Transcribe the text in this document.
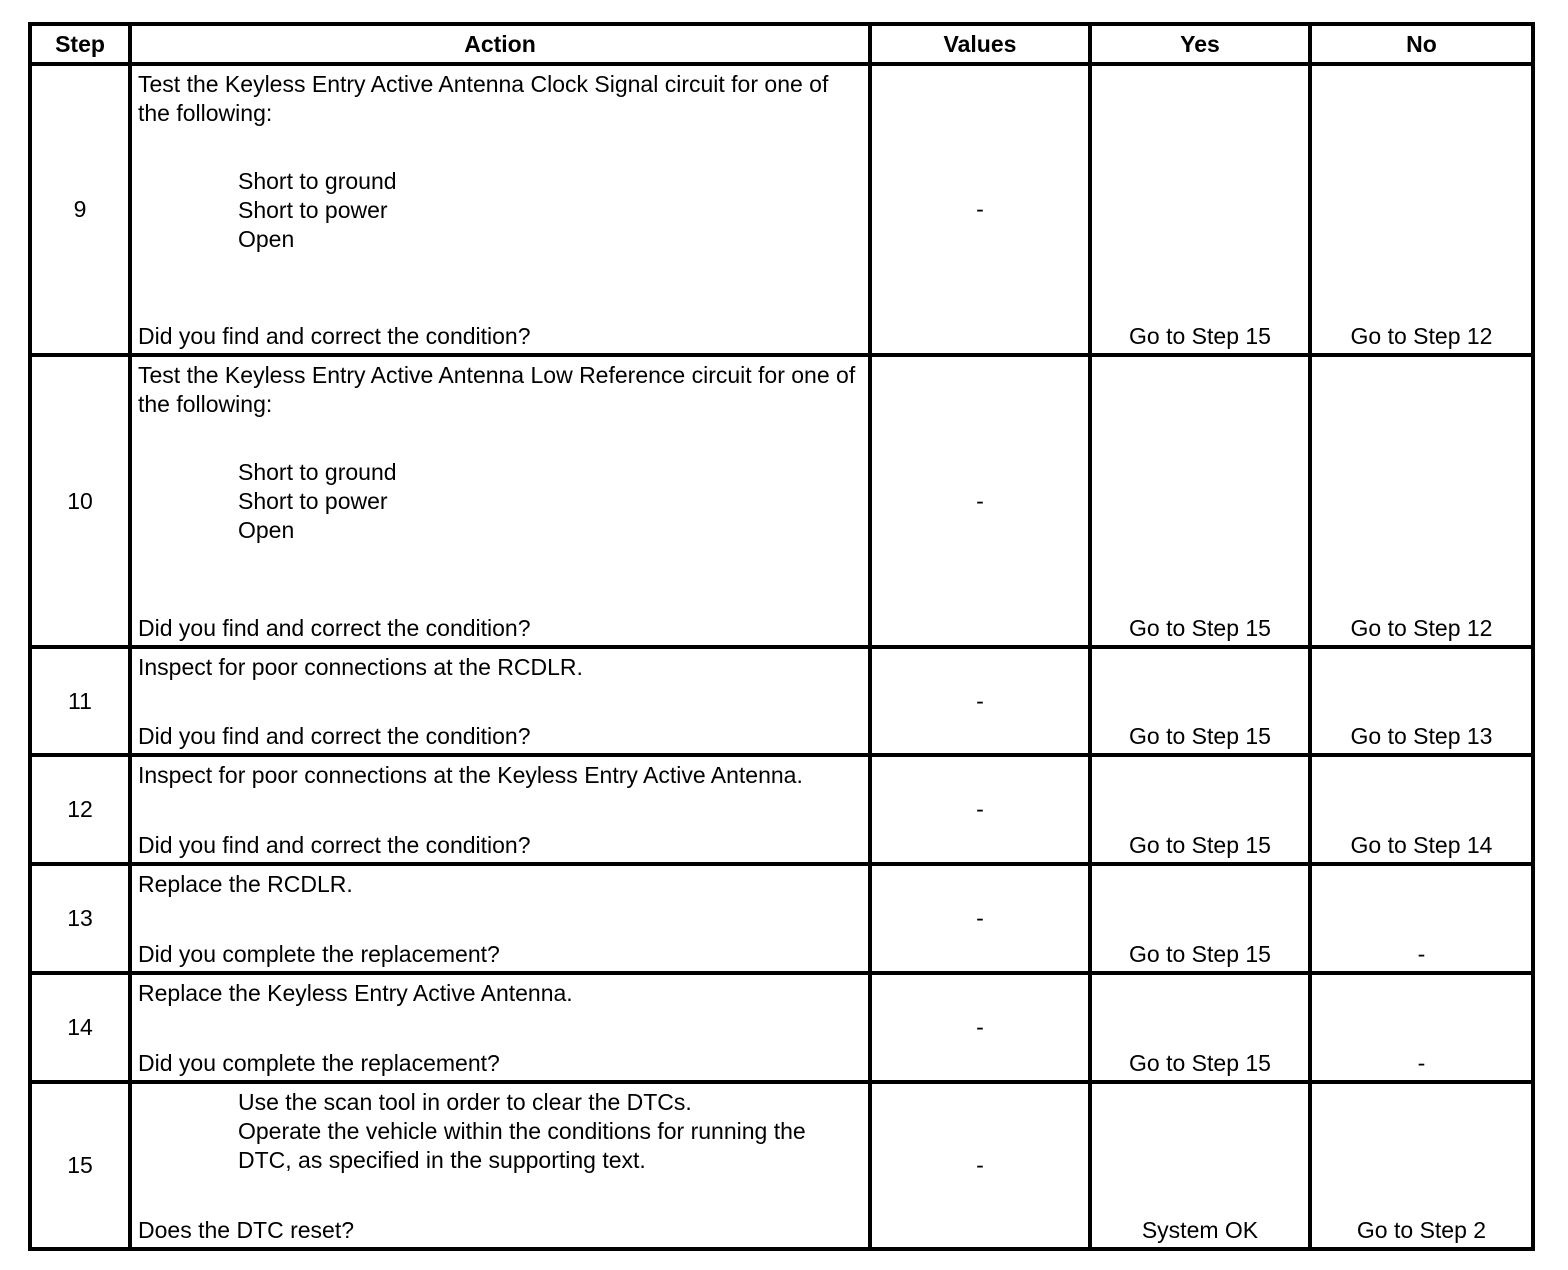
Step	Action	Values	Yes	No
9	Test the Keyless Entry Active Antenna Clock Signal circuit for one of the following:
Short to ground
Short to power
Open
Did you find and correct the condition?	-	Go to Step 15	Go to Step 12

10	Test the Keyless Entry Active Antenna Low Reference circuit for one of the following:
Short to ground
Short to power
Open
Did you find and correct the condition?	-	Go to Step 15	Go to Step 12

11	Inspect for poor connections at the RCDLR.
Did you find and correct the condition?	-	Go to Step 15	Go to Step 13

12	Inspect for poor connections at the Keyless Entry Active Antenna.
Did you find and correct the condition?	-	Go to Step 15	Go to Step 14

13	Replace the RCDLR.
Did you complete the replacement?	-	Go to Step 15	-

14	Replace the Keyless Entry Active Antenna.
Did you complete the replacement?	-	Go to Step 15	-

15	Use the scan tool in order to clear the DTCs.
Operate the vehicle within the conditions for running the DTC, as specified in the supporting text.
Does the DTC reset?	-	System OK	Go to Step 2
